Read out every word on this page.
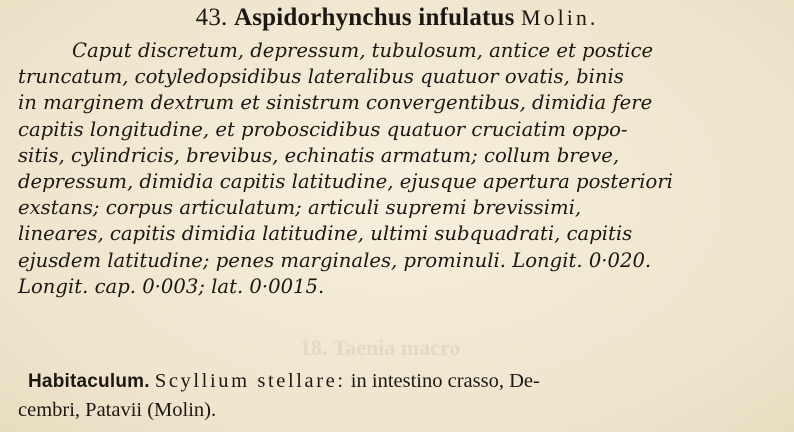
18. Taenia macro
43. Aspidorhynchus infulatus Molin.
Caput discretum, depressum, tubulosum, antice et postice
truncatum, cotyledopsidibus lateralibus quatuor ovatis, binis
in marginem dextrum et sinistrum convergentibus, dimidia fere
capitis longitudine, et proboscidibus quatuor cruciatim oppo-
sitis, cylindricis, brevibus, echinatis armatum; collum breve,
depressum, dimidia capitis latitudine, ejusque apertura posteriori
exstans; corpus articulatum; articuli supremi brevissimi,
lineares, capitis dimidia latitudine, ultimi subquadrati, capitis
ejusdem latitudine; penes marginales, prominuli. Longit. 0·020.
Longit. cap. 0·003; lat. 0·0015.
Habitaculum. Scyllium stellare: in intestino crasso, De-
cembri, Patavii (Molin).
